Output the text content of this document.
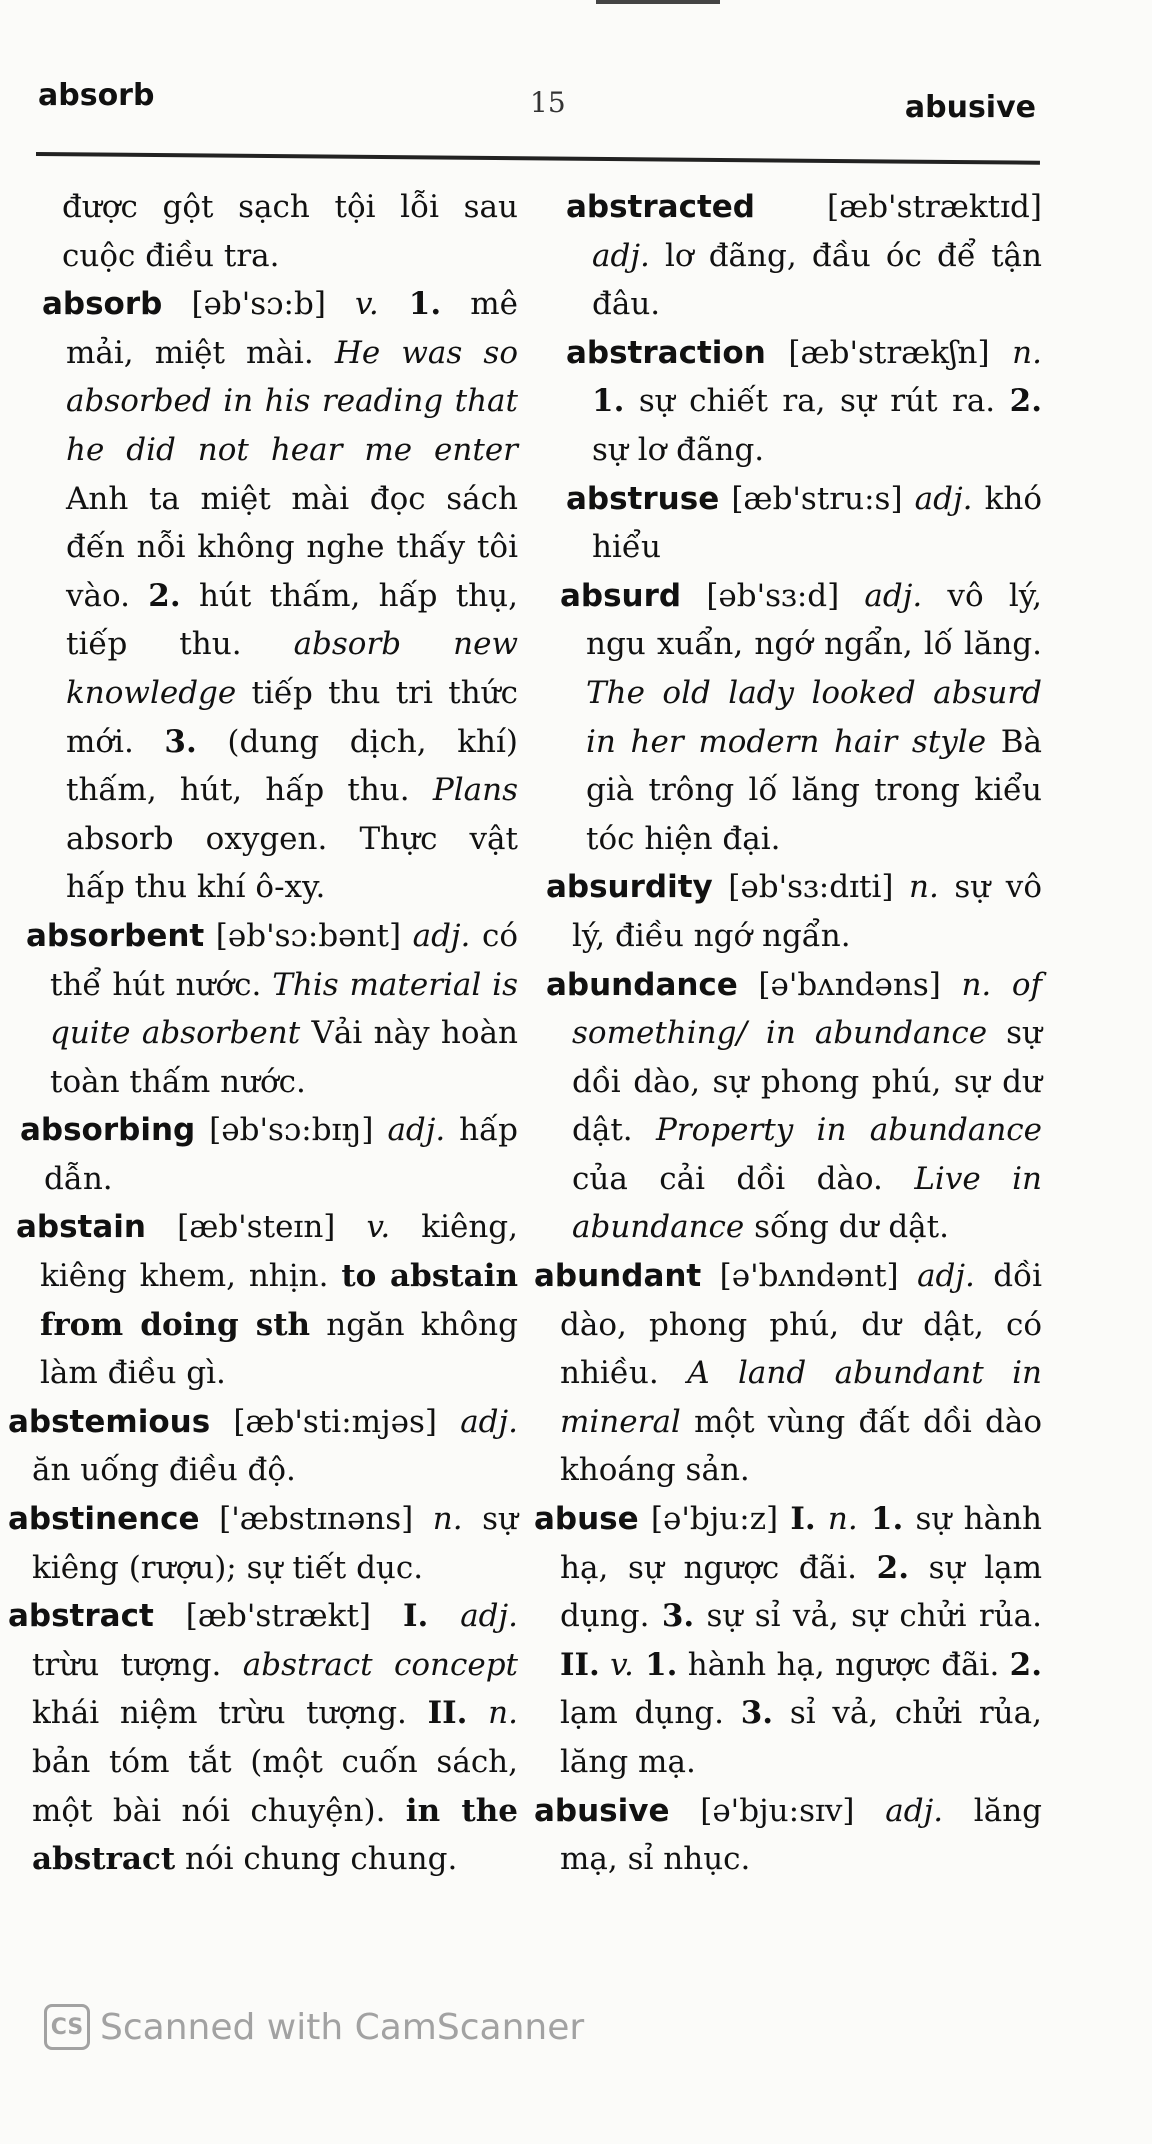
absorb	15	abusive
được gột sạch tội lỗi sau cuộc điều tra.
absorb [əb'sɔ:b] v. 1. mê mải, miệt mài. He was so absorbed in his reading that he did not hear me enter Anh ta miệt mài đọc sách đến nỗi không nghe thấy tôi vào. 2. hút thấm, hấp thụ, tiếp thu. absorb new knowledge tiếp thu tri thức mới. 3. (dung dịch, khí) thấm, hút, hấp thu. Plans absorb oxygen. Thực vật hấp thu khí ô-xy.
absorbent [əb'sɔ:bənt] adj. có thể hút nước. This material is quite absorbent Vải này hoàn toàn thấm nước.
absorbing [əb'sɔ:bɪŋ] adj. hấp dẫn.
abstain [æb'steɪn] v. kiêng, kiêng khem, nhịn. to abstain from doing sth ngăn không làm điều gì.
abstemious [æb'sti:mjəs] adj. ăn uống điều độ.
abstinence ['æbstɪnəns] n. sự kiêng (rượu); sự tiết dục.
abstract [æb'strækt] I. adj. trừu tượng. abstract concept khái niệm trừu tượng. II. n. bản tóm tắt (một cuốn sách, một bài nói chuyện). in the abstract nói chung chung.
abstracted [æb'stræktɪd] adj. lơ đãng, đầu óc để tận đâu.
abstraction [æb'strækʃn] n. 1. sự chiết ra, sự rút ra. 2. sự lơ đãng.
abstruse [æb'stru:s] adj. khó hiểu
absurd [əb'sɜ:d] adj. vô lý, ngu xuẩn, ngớ ngẩn, lố lăng. The old lady looked absurd in her modern hair style Bà già trông lố lăng trong kiểu tóc hiện đại.
absurdity [əb'sɜ:dɪti] n. sự vô lý, điều ngớ ngẩn.
abundance [ə'bʌndəns] n. of something/ in abundance sự dồi dào, sự phong phú, sự dư dật. Property in abundance của cải dồi dào. Live in abundance sống dư dật.
abundant [ə'bʌndənt] adj. dồi dào, phong phú, dư dật, có nhiều. A land abundant in mineral một vùng đất dồi dào khoáng sản.
abuse [ə'bju:z] I. n. 1. sự hành hạ, sự ngược đãi. 2. sự lạm dụng. 3. sự sỉ vả, sự chửi rủa. II. v. 1. hành hạ, ngược đãi. 2. lạm dụng. 3. sỉ vả, chửi rủa, lăng mạ.
abusive [ə'bju:sɪv] adj. lăng mạ, sỉ nhục.
CS Scanned with CamScanner
